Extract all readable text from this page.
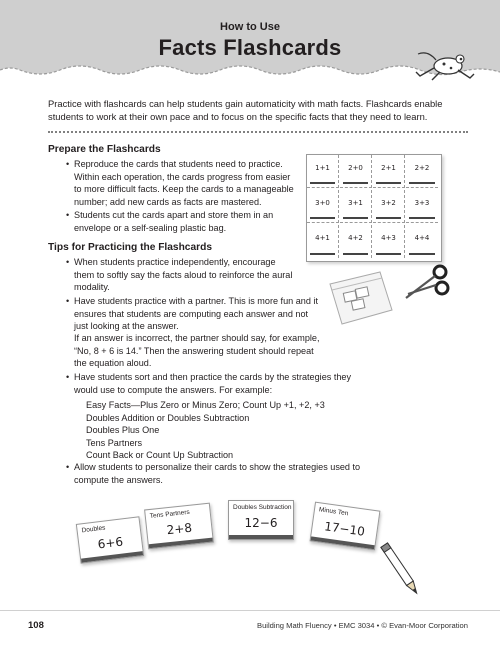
How to Use
Facts Flashcards
Practice with flashcards can help students gain automaticity with math facts. Flashcards enable students to work at their own pace and to focus on the specific facts that they need to learn.
Prepare the Flashcards
• Reproduce the cards that students need to practice. Within each operation, the cards progress from easier to more difficult facts. Keep the cards to a manageable number; add new cards as facts are mastered.
• Students cut the cards apart and store them in an envelope or a self-sealing plastic bag.
Tips for Practicing the Flashcards
• When students practice independently, encourage them to softly say the facts aloud to reinforce the aural modality.
• Have students practice with a partner. This is more fun and it ensures that students are computing each answer and not just looking at the answer.
If an answer is incorrect, the partner should say, for example, “No, 8 + 6 is 14.” Then the answering student should repeat the equation aloud.
• Have students sort and then practice the cards by the strategies they would use to compute the answers. For example:
Easy Facts—Plus Zero or Minus Zero; Count Up +1, +2, +3
Doubles Addition or Doubles Subtraction
Doubles Plus One
Tens Partners
Count Back or Count Up Subtraction
• Allow students to personalize their cards to show the strategies used to compute the answers.
1+1	2+0	2+1	2+2
3+0	3+1	3+2	3+3
4+1	4+2	4+3	4+4
Doubles
6+6
Tens Partners
2+8
Doubles Subtraction
12−6
Minus Ten
17−10
108	Building Math Fluency • EMC 3034 • © Evan-Moor Corporation
